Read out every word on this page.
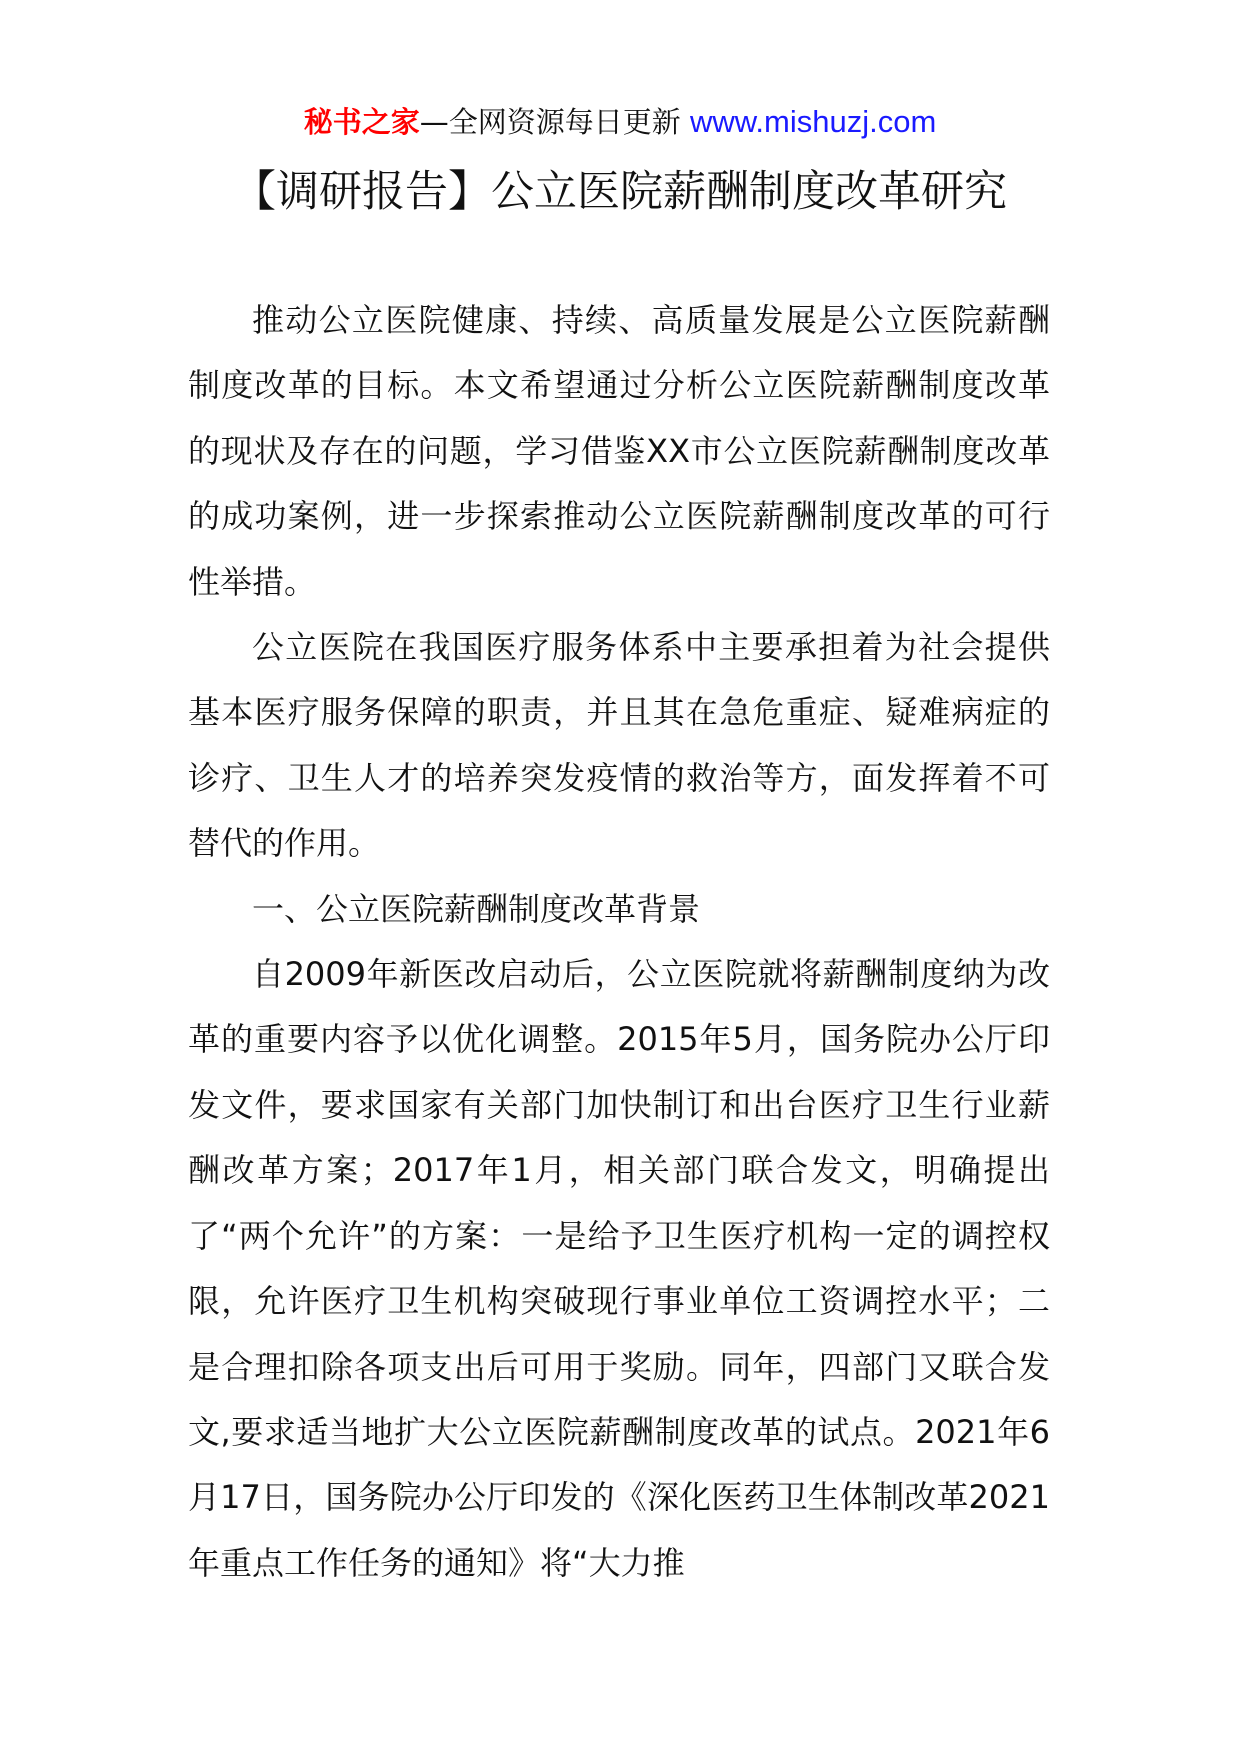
秘书之家—全网资源每日更新 www.mishuzj.com
【调研报告】公立医院薪酬制度改革研究

推动公立医院健康、持续、高质量发展是公立医院薪酬制度改革的目标。本文希望通过分析公立医院薪酬制度改革的现状及存在的问题，学习借鉴XX市公立医院薪酬制度改革的成功案例，进一步探索推动公立医院薪酬制度改革的可行性举措。

公立医院在我国医疗服务体系中主要承担着为社会提供基本医疗服务保障的职责，并且其在急危重症、疑难病症的诊疗、卫生人才的培养突发疫情的救治等方，面发挥着不可替代的作用。

一、公立医院薪酬制度改革背景

自2009年新医改启动后，公立医院就将薪酬制度纳为改革的重要内容予以优化调整。2015年5月，国务院办公厅印发文件，要求国家有关部门加快制订和出台医疗卫生行业薪酬改革方案；2017年1月，相关部门联合发文，明确提出了“两个允许”的方案：一是给予卫生医疗机构一定的调控权限，允许医疗卫生机构突破现行事业单位工资调控水平；二是合理扣除各项支出后可用于奖励。同年，四部门又联合发文,要求适当地扩大公立医院薪酬制度改革的试点。2021年6月17日，国务院办公厅印发的《深化医药卫生体制改革2021年重点工作任务的通知》将“大力推
